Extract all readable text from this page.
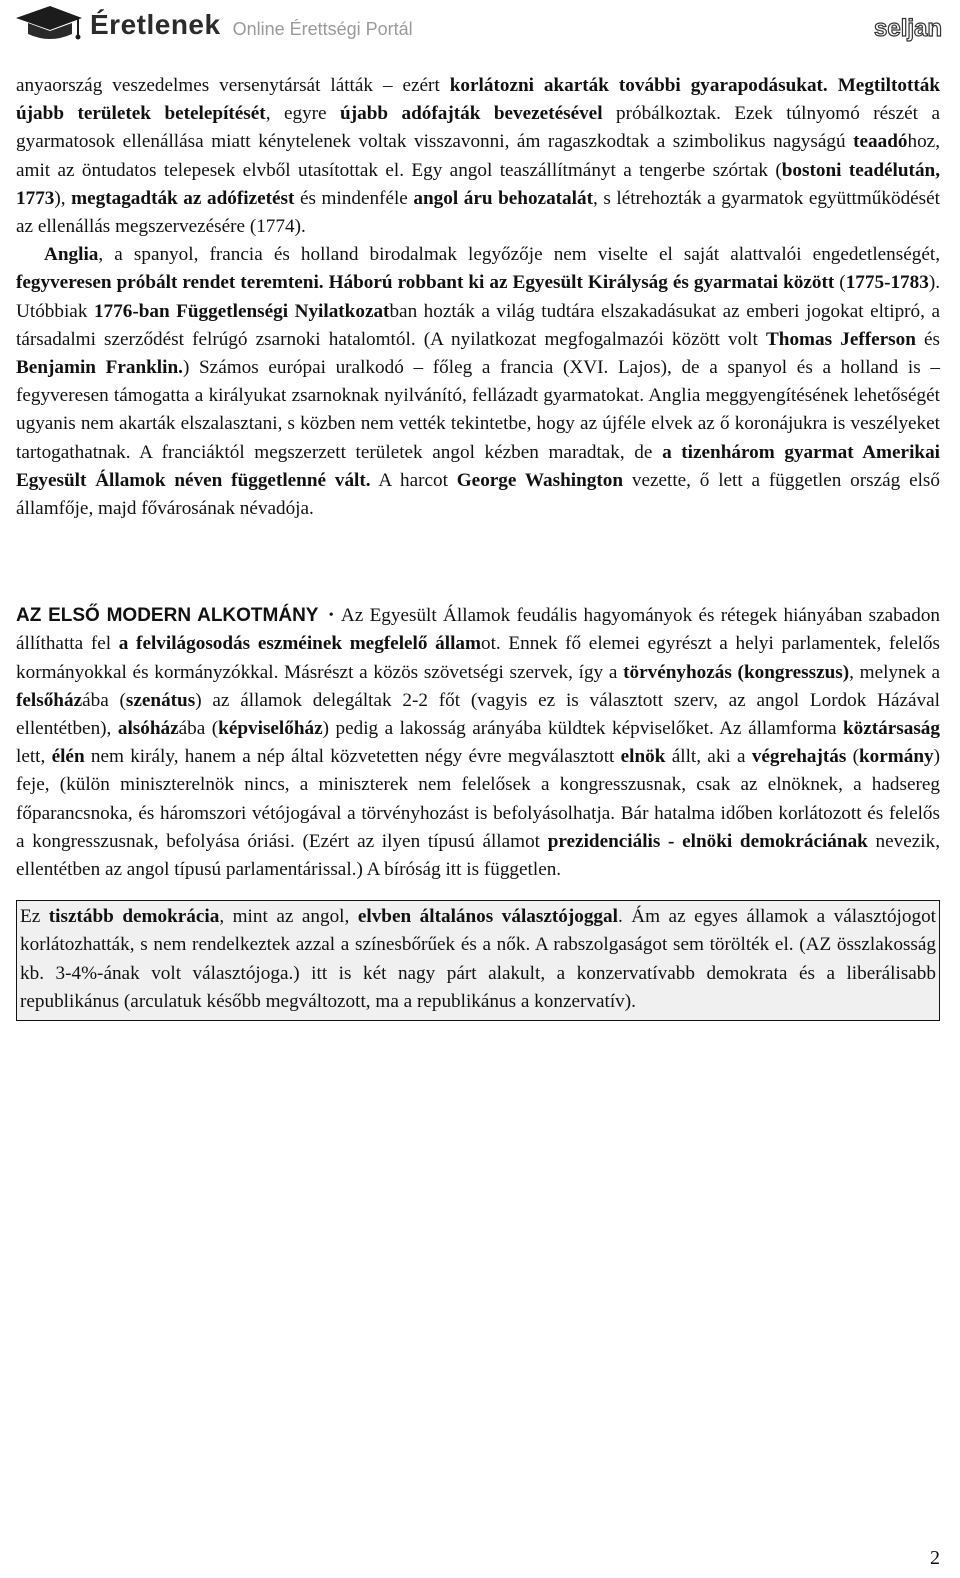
Éretlenek Online Érettségi Portál	seljan

anyaország veszedelmes versenytársát látták – ezért korlátozni akarták további gyarapodásukat. Megtiltották újabb területek betelepítését, egyre újabb adófajták bevezetésével próbálkoztak. Ezek túlnyomó részét a gyarmatosok ellenállása miatt kénytelenek voltak visszavonni, ám ragaszkodtak a szimbolikus nagyságú teaadóhoz, amit az öntudatos telepesek elvből utasítottak el. Egy angol teaszállítmányt a tengerbe szórtak (bostoni teadélután, 1773), megtagadták az adófizetést és mindenféle angol áru behozatalát, s létrehozták a gyarmatok együttműködését az ellenállás megszervezésére (1774).

Anglia, a spanyol, francia és holland birodalmak legyőzője nem viselte el saját alattvalói engedetlenségét, fegyveresen próbált rendet teremteni. Háború robbant ki az Egyesült Királyság és gyarmatai között (1775-1783). Utóbbiak 1776-ban Függetlenségi Nyilatkozatban hozták a világ tudtára elszakadásukat az emberi jogokat eltipró, a társadalmi szerződést felrúgó zsarnoki hatalomtól. (A nyilatkozat megfogalmazói között volt Thomas Jefferson és Benjamin Franklin.) Számos európai uralkodó – főleg a francia (XVI. Lajos), de a spanyol és a holland is – fegyveresen támogatta a királyukat zsarnoknak nyilvánító, fellázadt gyarmatokat. Anglia meggyengítésének lehetőségét ugyanis nem akarták elszalasztani, s közben nem vették tekintetbe, hogy az újféle elvek az ő koronájukra is veszélyeket tartogathatnak. A franciáktól megszerzett területek angol kézben maradtak, de a tizenhárom gyarmat Amerikai Egyesült Államok néven függetlenné vált. A harcot George Washington vezette, ő lett a független ország első államfője, majd fővárosának névadója.

AZ ELSŐ MODERN ALKOTMÁNY • Az Egyesült Államok feudális hagyományok és rétegek hiányában szabadon állíthatta fel a felvilágosodás eszméinek megfelelő államot. Ennek fő elemei egyrészt a helyi parlamentek, felelős kormányokkal és kormányzókkal. Másrészt a közös szövetségi szervek, így a törvényhozás (kongresszus), melynek a felsőházába (szenátus) az államok delegáltak 2-2 főt (vagyis ez is választott szerv, az angol Lordok Házával ellentétben), alsóházába (képviselőház) pedig a lakosság arányába küldtek képviselőket. Az államforma köztársaság lett, élén nem király, hanem a nép által közvetetten négy évre megválasztott elnök állt, aki a végrehajtás (kormány) feje, (külön miniszterelnök nincs, a miniszterek nem felelősek a kongresszusnak, csak az elnöknek, a hadsereg főparancsnoka, és háromszori vétójogával a törvényhozást is befolyásolhatja. Bár hatalma időben korlátozott és felelős a kongresszusnak, befolyása óriási. (Ezért az ilyen típusú államot prezidenciális - elnöki demokráciának nevezik, ellentétben az angol típusú parlamentárissal.) A bíróság itt is független.

Ez tisztább demokrácia, mint az angol, elvben általános választójoggal. Ám az egyes államok a választójogot korlátozhatták, s nem rendelkeztek azzal a színesbőrűek és a nők. A rabszolgaságot sem törölték el. (AZ összlakosság kb. 3-4%-ának volt választójoga.) itt is két nagy párt alakult, a konzervatívabb demokrata és a liberálisabb republikánus (arculatuk később megváltozott, ma a republikánus a konzervatív).

2
